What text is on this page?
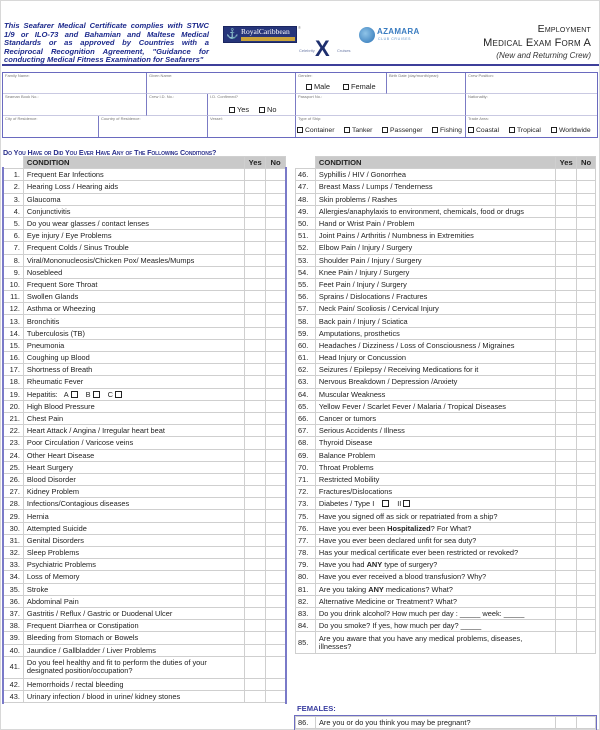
This Seafarer Medical Certificate complies with STWC 1/9 or ILO-73 and Bahamian and Maltese Medical Standards or as approved by Countries with a Reciprocal Recognition Agreement, "Guidance for conducting Medical Fitness Examination for Seafarers"
⚓ RoyalCaribbean ®
Celebrity X Cruises
AZAMARA
CLUB CRUISES
Employment
Medical Exam Form A
(New and Returning Crew)
Family Name:	Given Name:	Gender:
Male	Female
Birth Date (day/month/year):	Crew Position:
Seaman Book No.:	Crew I.D. No.:	I.D. Confirmed?
Yes	No
Passport No.:	Nationality:
City of Residence:	Country of Residence:	Vessel:	Type of Ship:
Container	Tanker	Passenger	Fishing
Trade Area:
Coastal	Tropical	Worldwide
Do You Have or Did You Ever Have Any of The Following Conditions?
	CONDITION	Yes	No
1.	Frequent Ear Infections		
2.	Hearing Loss / Hearing aids		
3.	Glaucoma		
4.	Conjunctivitis		
5.	Do you wear glasses / contact lenses		
6.	Eye injury / Eye Problems		
7.	Frequent Colds / Sinus Trouble		
8.	Viral/Mononucleosis/Chicken Pox/ Measles/Mumps		
9.	Nosebleed		
10.	Frequent Sore Throat		
11.	Swollen Glands		
12.	Asthma or Wheezing		
13.	Bronchitis		
14.	Tuberculosis (TB)		
15.	Pneumonia		
16.	Coughing up Blood		
17.	Shortness of Breath		
18.	Rheumatic Fever		
19.	Hepatitis: A B C		
20.	High Blood Pressure		
21.	Chest Pain		
22.	Heart Attack / Angina / Irregular heart beat		
23.	Poor Circulation / Varicose veins		
24.	Other Heart Disease		
25.	Heart Surgery		
26.	Blood Disorder		
27.	Kidney Problem		
28.	Infections/Contagious diseases		
29.	Hernia		
30.	Attempted Suicide		
31.	Genital Disorders		
32.	Sleep Problems		
33.	Psychiatric Problems		
34.	Loss of Memory		
35.	Stroke		
36.	Abdominal Pain		
37.	Gastritis / Reflux / Gastric or Duodenal Ulcer		
38.	Frequent Diarrhea or Constipation		
39.	Bleeding from Stomach or Bowels		
40.	Jaundice / Gallbladder / Liver Problems		
41.	Do you feel healthy and fit to perform the duties of your designated position/occupation?		
42.	Hemorrhoids / rectal bleeding		
43.	Urinary infection / blood in urine/ kidney stones		
	CONDITION	Yes	No
46.	Syphillis / HIV / Gonorrhea		
47.	Breast Mass / Lumps / Tenderness		
48.	Skin problems / Rashes		
49.	Allergies/anaphylaxis to environment, chemicals, food or drugs		
50.	Hand or Wrist Pain / Problem		
51.	Joint Pains / Arthritis / Numbness in Extremities		
52.	Elbow Pain / Injury / Surgery		
53.	Shoulder Pain / Injury / Surgery		
54.	Knee Pain / Injury / Surgery		
55.	Feet Pain / Injury / Surgery		
56.	Sprains / Dislocations / Fractures		
57.	Neck Pain/ Scoliosis / Cervical Injury		
58.	Back pain / Injury / Sciatica		
59.	Amputations, prosthetics		
60.	Headaches / Dizziness / Loss of Consciousness / Migraines		
61.	Head Injury or Concussion		
62.	Seizures / Epilepsy / Receiving Medications for it		
63.	Nervous Breakdown / Depression /Anxiety		
64.	Muscular Weakness		
65.	Yellow Fever / Scarlet Fever / Malaria / Tropical Diseases		
66.	Cancer or tumors		
67.	Serious Accidents / Illness		
68.	Thyroid Disease		
69.	Balance Problem		
70.	Throat Problems		
71.	Restricted Mobility		
72.	Fractures/Dislocations		
73.	Diabetes / Type I II		
75.	Have you signed off as sick or repatriated from a ship?		
76.	Have you ever been Hospitalized? For What?		
77.	Have you ever been declared unfit for sea duty?		
78.	Has your medical certificate ever been restricted or revoked?		
79.	Have you had ANY type of surgery?		
80.	Have you ever received a blood transfusion? Why?		
81.	Are you taking ANY medications? What?		
82.	Alternative Medicine or Treatment? What?		
83.	Do you drink alcohol? How much per day : _____ week: _____		
84.	Do you smoke? If yes, how much per day? _____		
85.	Are you aware that you have any medical problems, diseases, illnesses?		
FEMALES:
86.	Are you or do you think you may be pregnant?		
